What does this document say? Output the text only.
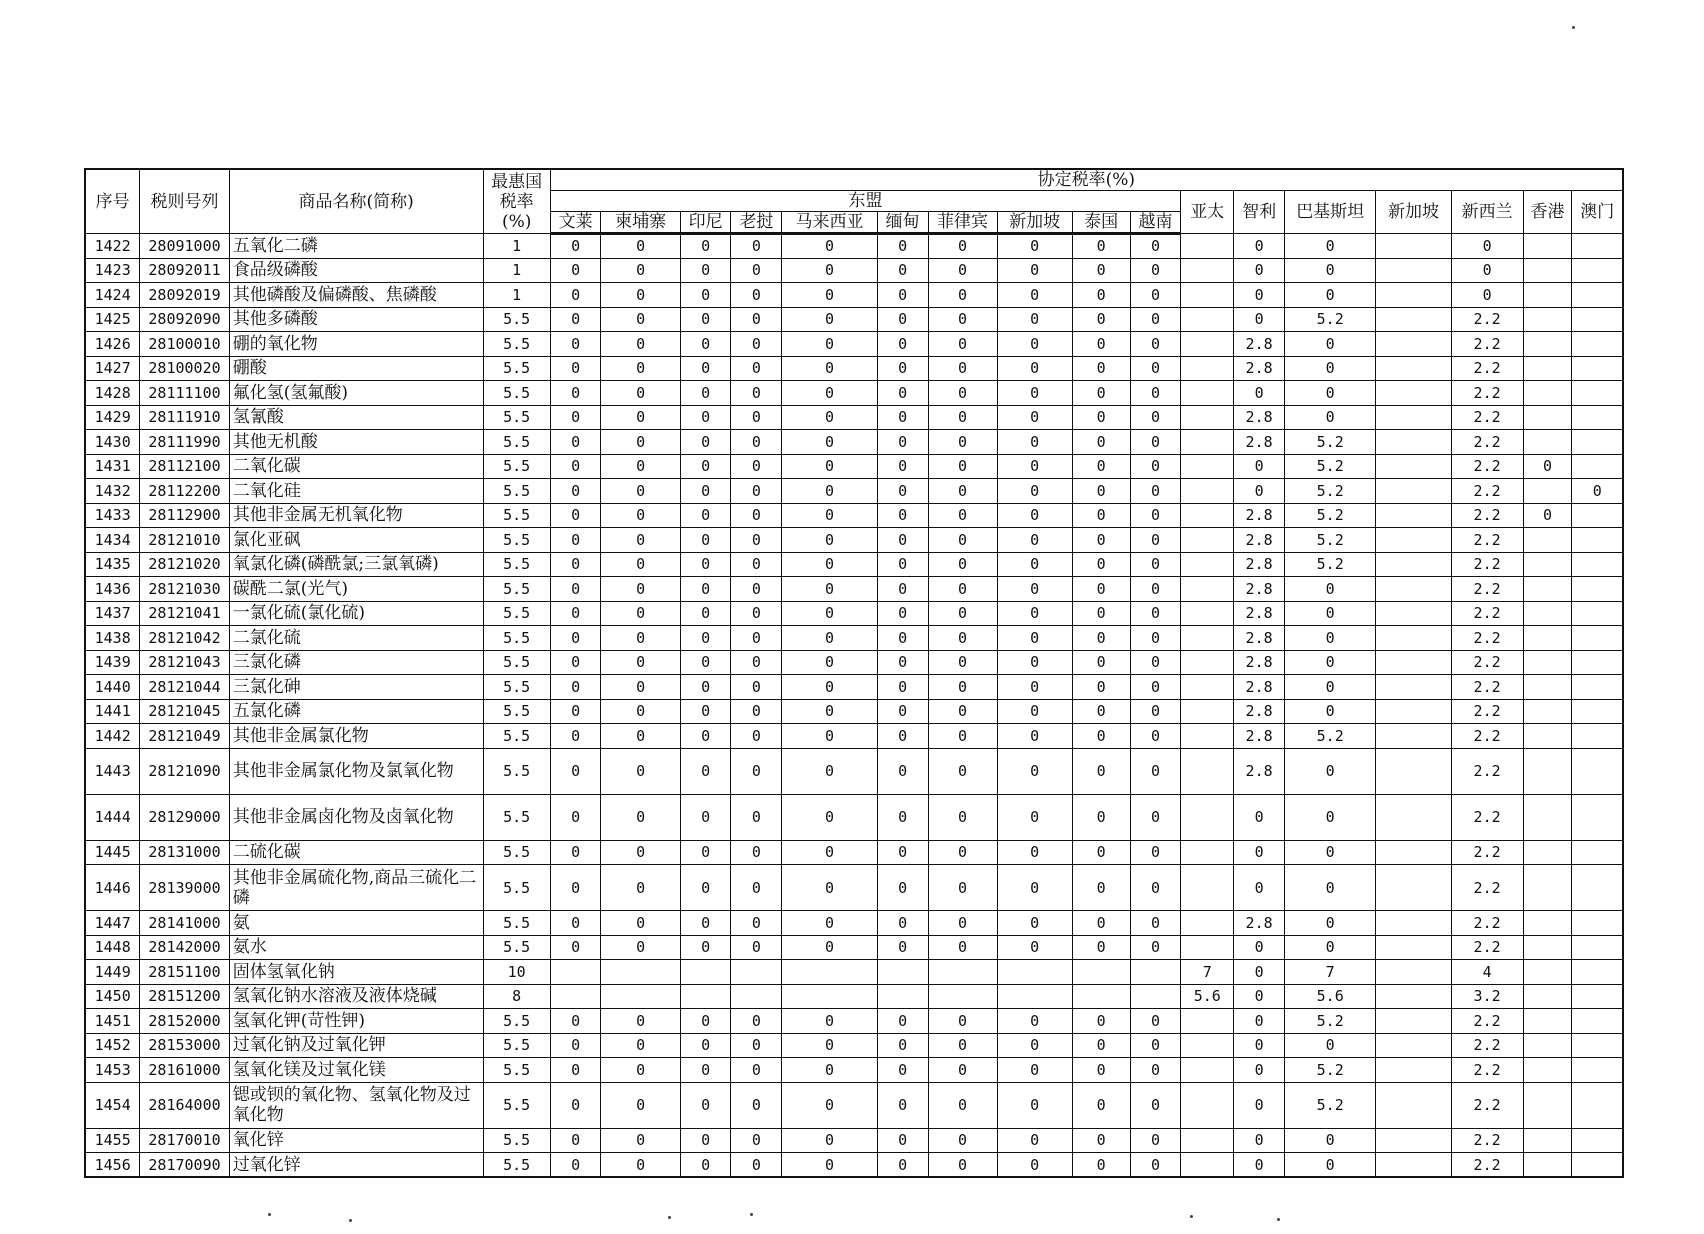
序号	税则号列	商品名称(简称)	最惠国税率(%)	协定税率(%)																
				东盟										亚太	智利	巴基斯坦	新加坡	新西兰	香港	澳门
				文莱	柬埔寨	印尼	老挝	马来西亚	缅甸	菲律宾	新加坡	泰国	越南							
1422	28091000	五氧化二磷	1	0	0	0	0	0	0	0	0	0	0		0	0		0		
1423	28092011	食品级磷酸	1	0	0	0	0	0	0	0	0	0	0		0	0		0		
1424	28092019	其他磷酸及偏磷酸、焦磷酸	1	0	0	0	0	0	0	0	0	0	0		0	0		0		
1425	28092090	其他多磷酸	5.5	0	0	0	0	0	0	0	0	0	0		0	5.2		2.2		
1426	28100010	硼的氧化物	5.5	0	0	0	0	0	0	0	0	0	0		2.8	0		2.2		
1427	28100020	硼酸	5.5	0	0	0	0	0	0	0	0	0	0		2.8	0		2.2		
1428	28111100	氟化氢(氢氟酸)	5.5	0	0	0	0	0	0	0	0	0	0		0	0		2.2		
1429	28111910	氢氰酸	5.5	0	0	0	0	0	0	0	0	0	0		2.8	0		2.2		
1430	28111990	其他无机酸	5.5	0	0	0	0	0	0	0	0	0	0		2.8	5.2		2.2		
1431	28112100	二氧化碳	5.5	0	0	0	0	0	0	0	0	0	0		0	5.2		2.2	0	
1432	28112200	二氧化硅	5.5	0	0	0	0	0	0	0	0	0	0		0	5.2		2.2		0
1433	28112900	其他非金属无机氧化物	5.5	0	0	0	0	0	0	0	0	0	0		2.8	5.2		2.2	0	
1434	28121010	氯化亚砜	5.5	0	0	0	0	0	0	0	0	0	0		2.8	5.2		2.2		
1435	28121020	氧氯化磷(磷酰氯;三氯氧磷)	5.5	0	0	0	0	0	0	0	0	0	0		2.8	5.2		2.2		
1436	28121030	碳酰二氯(光气)	5.5	0	0	0	0	0	0	0	0	0	0		2.8	0		2.2		
1437	28121041	一氯化硫(氯化硫)	5.5	0	0	0	0	0	0	0	0	0	0		2.8	0		2.2		
1438	28121042	二氯化硫	5.5	0	0	0	0	0	0	0	0	0	0		2.8	0		2.2		
1439	28121043	三氯化磷	5.5	0	0	0	0	0	0	0	0	0	0		2.8	0		2.2		
1440	28121044	三氯化砷	5.5	0	0	0	0	0	0	0	0	0	0		2.8	0		2.2		
1441	28121045	五氯化磷	5.5	0	0	0	0	0	0	0	0	0	0		2.8	0		2.2		
1442	28121049	其他非金属氯化物	5.5	0	0	0	0	0	0	0	0	0	0		2.8	5.2		2.2		
1443	28121090	其他非金属氯化物及氯氧化物	5.5	0	0	0	0	0	0	0	0	0	0		2.8	0		2.2		
1444	28129000	其他非金属卤化物及卤氧化物	5.5	0	0	0	0	0	0	0	0	0	0		0	0		2.2		
1445	28131000	二硫化碳	5.5	0	0	0	0	0	0	0	0	0	0		0	0		2.2		
1446	28139000	其他非金属硫化物,商品三硫化二磷	5.5	0	0	0	0	0	0	0	0	0	0		0	0		2.2		
1447	28141000	氨	5.5	0	0	0	0	0	0	0	0	0	0		2.8	0		2.2		
1448	28142000	氨水	5.5	0	0	0	0	0	0	0	0	0	0		0	0		2.2		
1449	28151100	固体氢氧化钠	10											7	0	7		4		
1450	28151200	氢氧化钠水溶液及液体烧碱	8											5.6	0	5.6		3.2		
1451	28152000	氢氧化钾(苛性钾)	5.5	0	0	0	0	0	0	0	0	0	0		0	5.2		2.2		
1452	28153000	过氧化钠及过氧化钾	5.5	0	0	0	0	0	0	0	0	0	0		0	0		2.2		
1453	28161000	氢氧化镁及过氧化镁	5.5	0	0	0	0	0	0	0	0	0	0		0	5.2		2.2		
1454	28164000	锶或钡的氧化物、氢氧化物及过氧化物	5.5	0	0	0	0	0	0	0	0	0	0		0	5.2		2.2		
1455	28170010	氧化锌	5.5	0	0	0	0	0	0	0	0	0	0		0	0		2.2		
1456	28170090	过氧化锌	5.5	0	0	0	0	0	0	0	0	0	0		0	0		2.2		
